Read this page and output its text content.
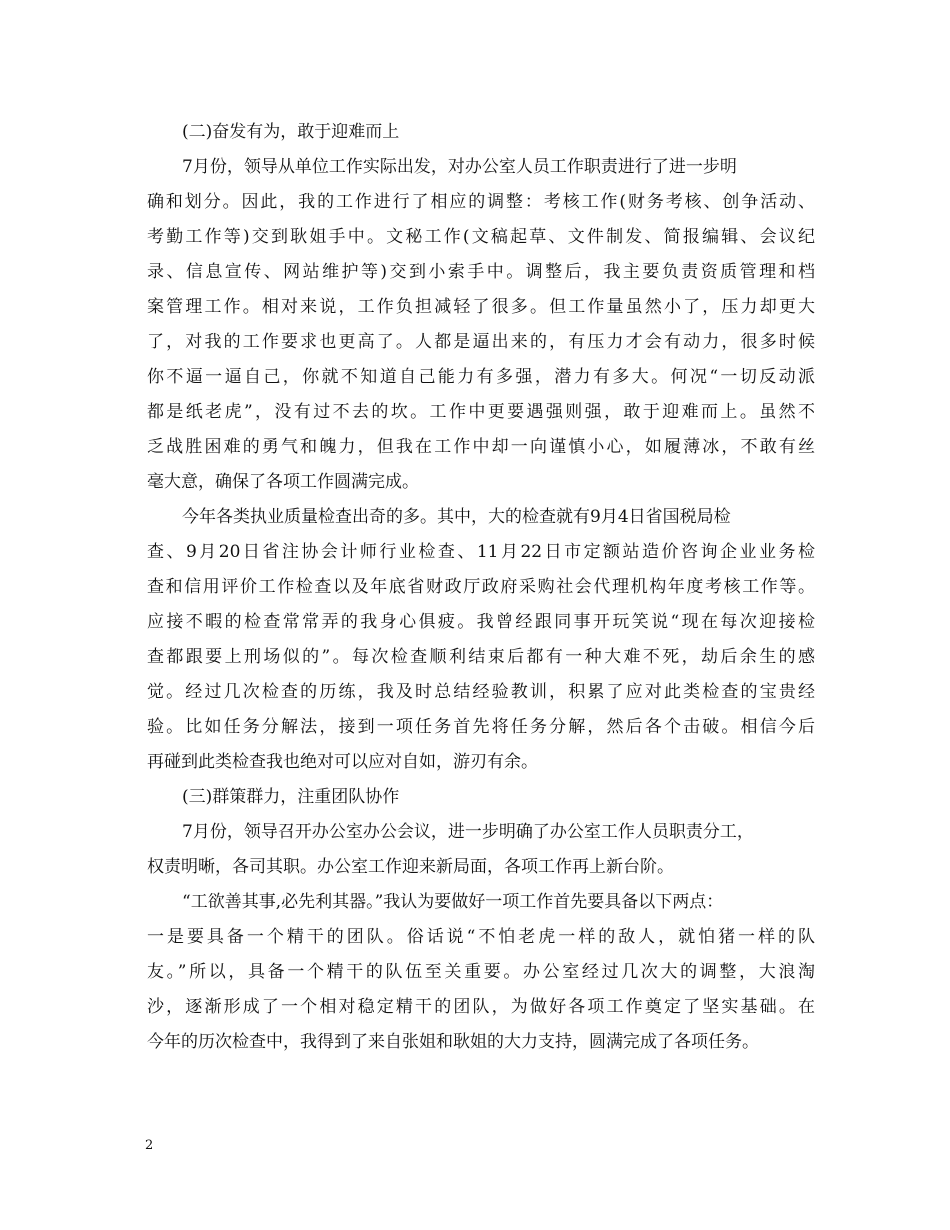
(二)奋发有为，敢于迎难而上
7月份，领导从单位工作实际出发，对办公室人员工作职责进行了进一步明
确和划分。因此，我的工作进行了相应的调整：考核工作(财务考核、创争活动、
考勤工作等)交到耿姐手中。文秘工作(文稿起草、文件制发、简报编辑、会议纪
录、信息宣传、网站维护等)交到小索手中。调整后，我主要负责资质管理和档
案管理工作。相对来说，工作负担减轻了很多。但工作量虽然小了，压力却更大
了，对我的工作要求也更高了。人都是逼出来的，有压力才会有动力，很多时候
你不逼一逼自己，你就不知道自己能力有多强，潜力有多大。何况“一切反动派
都是纸老虎”，没有过不去的坎。工作中更要遇强则强，敢于迎难而上。虽然不
乏战胜困难的勇气和魄力，但我在工作中却一向谨慎小心，如履薄冰，不敢有丝
毫大意，确保了各项工作圆满完成。
今年各类执业质量检查出奇的多。其中，大的检查就有9月4日省国税局检
查、9月20日省注协会计师行业检查、11月22日市定额站造价咨询企业业务检
查和信用评价工作检查以及年底省财政厅政府采购社会代理机构年度考核工作等。
应接不暇的检查常常弄的我身心俱疲。我曾经跟同事开玩笑说“现在每次迎接检
查都跟要上刑场似的”。每次检查顺利结束后都有一种大难不死，劫后余生的感
觉。经过几次检查的历练，我及时总结经验教训，积累了应对此类检查的宝贵经
验。比如任务分解法，接到一项任务首先将任务分解，然后各个击破。相信今后
再碰到此类检查我也绝对可以应对自如，游刃有余。
(三)群策群力，注重团队协作
7月份，领导召开办公室办公会议，进一步明确了办公室工作人员职责分工，
权责明晰，各司其职。办公室工作迎来新局面，各项工作再上新台阶。
“工欲善其事,必先利其器。”我认为要做好一项工作首先要具备以下两点：
一是要具备一个精干的团队。俗话说“不怕老虎一样的敌人，就怕猪一样的队
友。”所以，具备一个精干的队伍至关重要。办公室经过几次大的调整，大浪淘
沙，逐渐形成了一个相对稳定精干的团队，为做好各项工作奠定了坚实基础。在
今年的历次检查中，我得到了来自张姐和耿姐的大力支持，圆满完成了各项任务。
2
